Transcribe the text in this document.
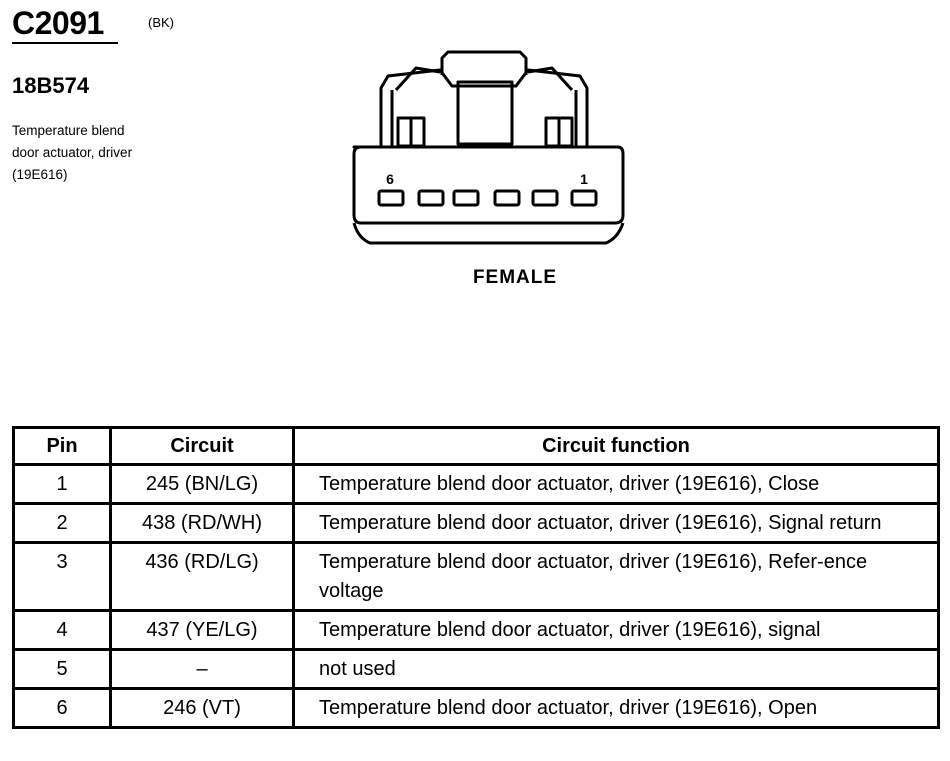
C2091	(BK)
18B574
Temperature blend
door actuator, driver
(19E616)	6	1
FEMALE
Pin	Circuit	Circuit function
1	245 (BN/LG)	Temperature blend door actuator, driver (19E616), Close
2	438 (RD/WH)	Temperature blend door actuator, driver (19E616), Signal return
3	436 (RD/LG)	Temperature blend door actuator, driver (19E616), Refer-ence voltage
4	437 (YE/LG)	Temperature blend door actuator, driver (19E616), signal
5	–	not used
6	246 (VT)	Temperature blend door actuator, driver (19E616), Open
